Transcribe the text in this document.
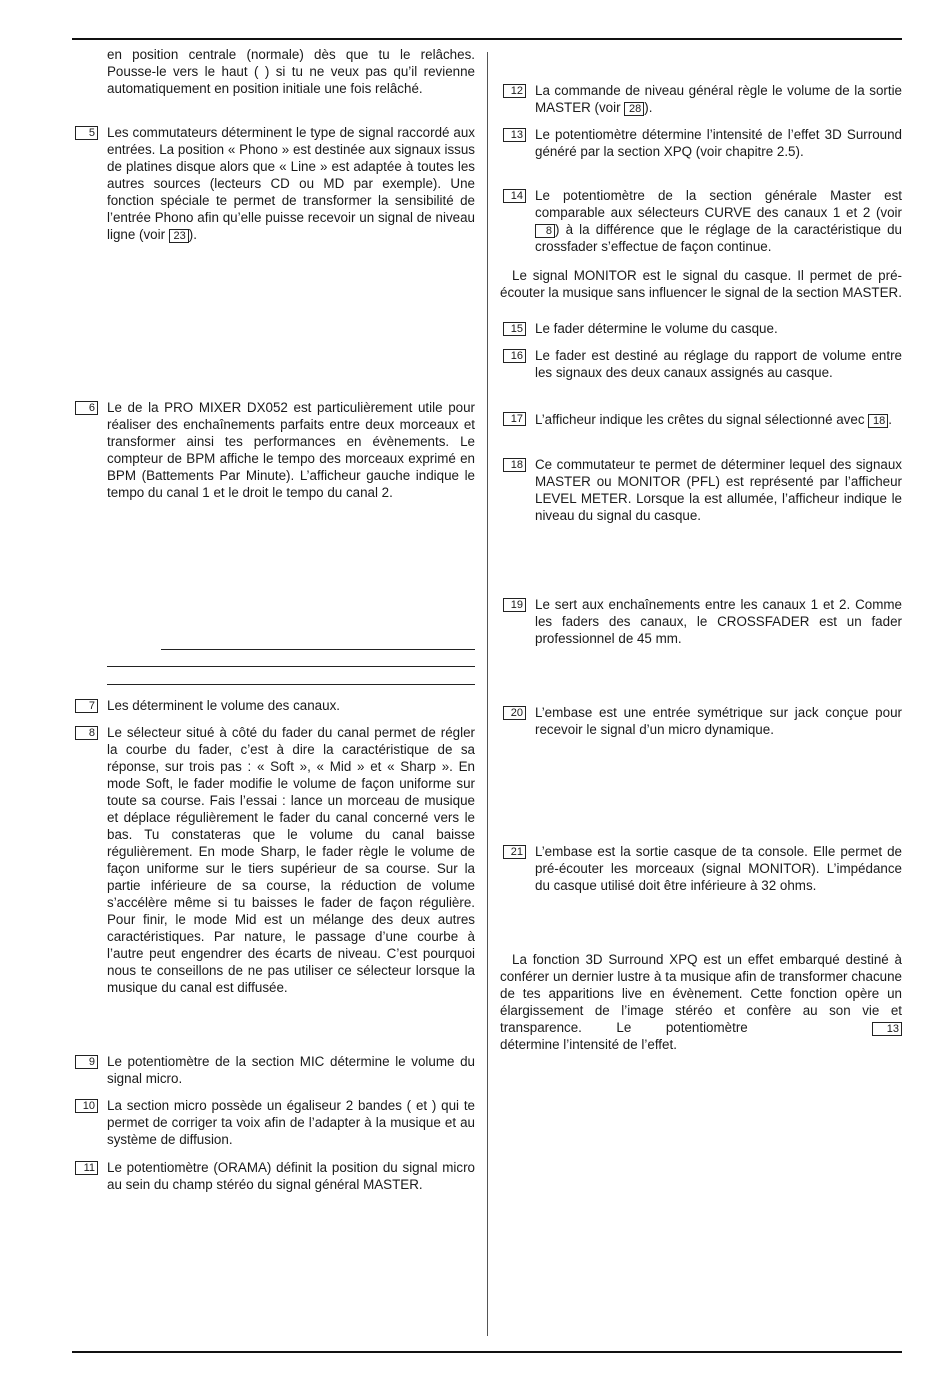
en position centrale (normale) dès que tu le relâches. Pousse-le vers le haut ( ) si tu ne veux pas qu’il revienne automatiquement en position initiale une fois relâché.

5 Les commutateurs déterminent le type de signal raccordé aux entrées. La position « Phono » est destinée aux signaux issus de platines disque alors que « Line » est adaptée à toutes les autres sources (lecteurs CD ou MD par exemple). Une fonction spéciale te permet de transformer la sensibilité de l’entrée Phono afin qu’elle puisse recevoir un signal de niveau ligne (voir 23 ).

6 Le de la PRO MIXER DX052 est particulièrement utile pour réaliser des enchaînements parfaits entre deux morceaux et transformer ainsi tes performances en évènements. Le compteur de BPM affiche le tempo des morceaux exprimé en BPM (Battements Par Minute). L’afficheur gauche indique le tempo du canal 1 et le droit le tempo du canal 2.

7 Les déterminent le volume des canaux.

8 Le sélecteur situé à côté du fader du canal permet de régler la courbe du fader, c’est à dire la caractéristique de sa réponse, sur trois pas : « Soft », « Mid » et « Sharp ». En mode Soft, le fader modifie le volume de façon uniforme sur toute sa course. Fais l’essai : lance un morceau de musique et déplace régulièrement le fader du canal concerné vers le bas. Tu constateras que le volume du canal baisse régulièrement. En mode Sharp, le fader règle le volume de façon uniforme sur le tiers supérieur de sa course. Sur la partie inférieure de sa course, la réduction de volume s’accélère même si tu baisses le fader de façon régulière. Pour finir, le mode Mid est un mélange des deux autres caractéristiques. Par nature, le passage d’une courbe à l’autre peut engendrer des écarts de niveau. C’est pourquoi nous te conseillons de ne pas utiliser ce sélecteur lorsque la musique du canal est diffusée.

9 Le potentiomètre de la section MIC détermine le volume du signal micro.

10 La section micro possède un égaliseur 2 bandes ( et ) qui te permet de corriger ta voix afin de l’adapter à la musique et au système de diffusion.

11 Le potentiomètre (ORAMA) définit la position du signal micro au sein du champ stéréo du signal général MASTER.

12 La commande de niveau général règle le volume de la sortie MASTER (voir 28 ).

13 Le potentiomètre détermine l’intensité de l’effet 3D Surround généré par la section XPQ (voir chapitre 2.5).

14 Le potentiomètre de la section générale Master est comparable aux sélecteurs CURVE des canaux 1 et 2 (voir 8 ) à la différence que le réglage de la caractéristique du crossfader s’effectue de façon continue.

Le signal MONITOR est le signal du casque. Il permet de pré-écouter la musique sans influencer le signal de la section MASTER.

15 Le fader détermine le volume du casque.

16 Le fader est destiné au réglage du rapport de volume entre les signaux des deux canaux assignés au casque.

17 L’afficheur indique les crêtes du signal sélectionné avec 18 .

18 Ce commutateur te permet de déterminer lequel des signaux MASTER ou MONITOR (PFL) est représenté par l’afficheur LEVEL METER. Lorsque la est allumée, l’afficheur indique le niveau du signal du casque.

19 Le sert aux enchaînements entre les canaux 1 et 2. Comme les faders des canaux, le CROSSFADER est un fader professionnel de 45 mm.

20 L’embase est une entrée symétrique sur jack conçue pour recevoir le signal d’un micro dynamique.

21 L’embase est la sortie casque de ta console. Elle permet de pré-écouter les morceaux (signal MONITOR). L’impédance du casque utilisé doit être inférieure à 32 ohms.

La fonction 3D Surround XPQ est un effet embarqué destiné à conférer un dernier lustre à ta musique afin de transformer chacune de tes apparitions live en évènement. Cette fonction opère un élargissement de l’image stéréo et confère au son vie et transparence. Le potentiomètre	13 détermine l’intensité de l’effet.
